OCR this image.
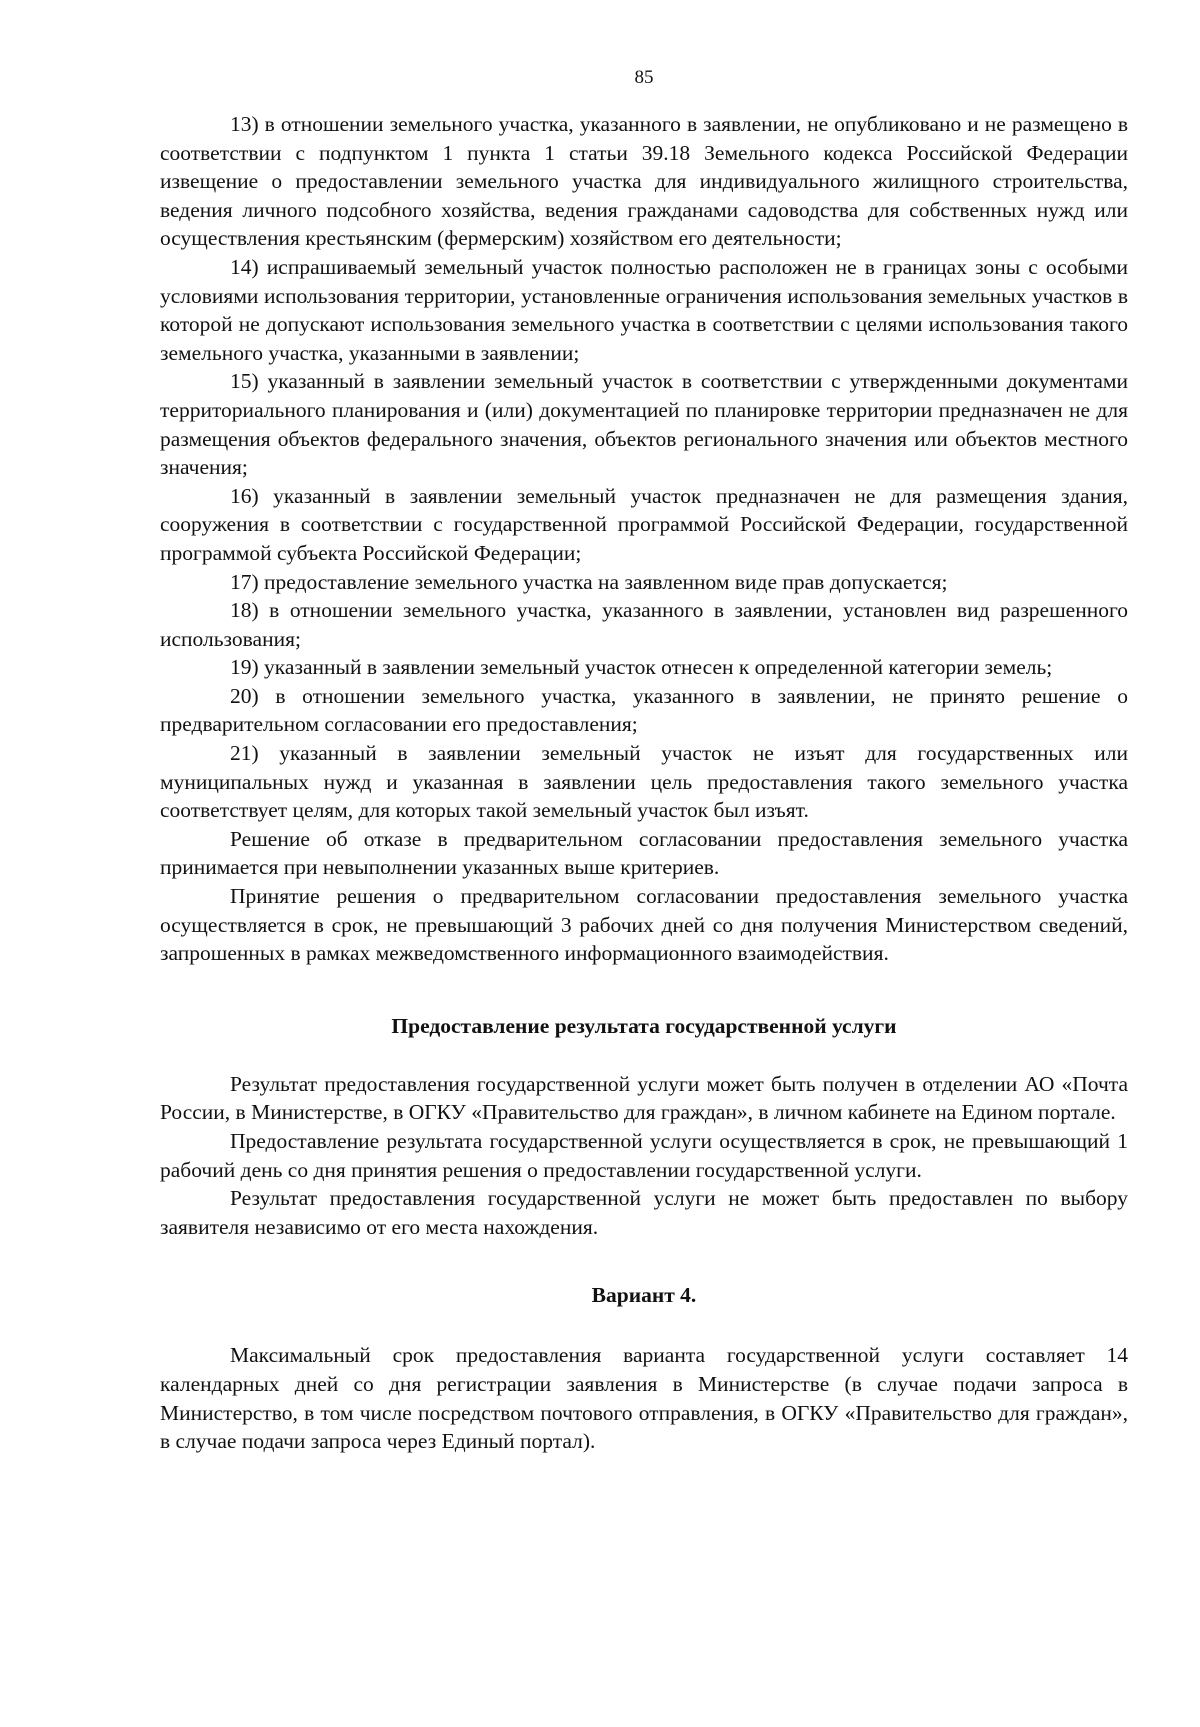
85

13) в отношении земельного участка, указанного в заявлении, не опубликовано и не размещено в соответствии с подпунктом 1 пункта 1 статьи 39.18 Земельного кодекса Российской Федерации извещение о предоставлении земельного участка для индивидуального жилищного строительства, ведения личного подсобного хозяйства, ведения гражданами садоводства для собственных нужд или осуществления крестьянским (фермерским) хозяйством его деятельности;

14) испрашиваемый земельный участок полностью расположен не в границах зоны с особыми условиями использования территории, установленные ограничения использования земельных участков в которой не допускают использования земельного участка в соответствии с целями использования такого земельного участка, указанными в заявлении;

15) указанный в заявлении земельный участок в соответствии с утвержденными документами территориального планирования и (или) документацией по планировке территории предназначен не для размещения объектов федерального значения, объектов регионального значения или объектов местного значения;

16) указанный в заявлении земельный участок предназначен не для размещения здания, сооружения в соответствии с государственной программой Российской Федерации, государственной программой субъекта Российской Федерации;

17) предоставление земельного участка на заявленном виде прав допускается;

18) в отношении земельного участка, указанного в заявлении, установлен вид разрешенного использования;

19) указанный в заявлении земельный участок отнесен к определенной категории земель;

20) в отношении земельного участка, указанного в заявлении, не принято решение о предварительном согласовании его предоставления;

21) указанный в заявлении земельный участок не изъят для государственных или муниципальных нужд и указанная в заявлении цель предоставления такого земельного участка соответствует целям, для которых такой земельный участок был изъят.

Решение об отказе в предварительном согласовании предоставления земельного участка принимается при невыполнении указанных выше критериев.

Принятие решения о предварительном согласовании предоставления земельного участка осуществляется в срок, не превышающий 3 рабочих дней со дня получения Министерством сведений, запрошенных в рамках межведомственного информационного взаимодействия.

Предоставление результата государственной услуги

Результат предоставления государственной услуги может быть получен в отделении АО «Почта России, в Министерстве, в ОГКУ «Правительство для граждан», в личном кабинете на Едином портале.

Предоставление результата государственной услуги осуществляется в срок, не превышающий 1 рабочий день со дня принятия решения о предоставлении государственной услуги.

Результат предоставления государственной услуги не может быть предоставлен по выбору заявителя независимо от его места нахождения.

Вариант 4.

Максимальный срок предоставления варианта государственной услуги составляет 14 календарных дней со дня регистрации заявления в Министерстве (в случае подачи запроса в Министерство, в том числе посредством почтового отправления, в ОГКУ «Правительство для граждан», в случае подачи запроса через Единый портал).
